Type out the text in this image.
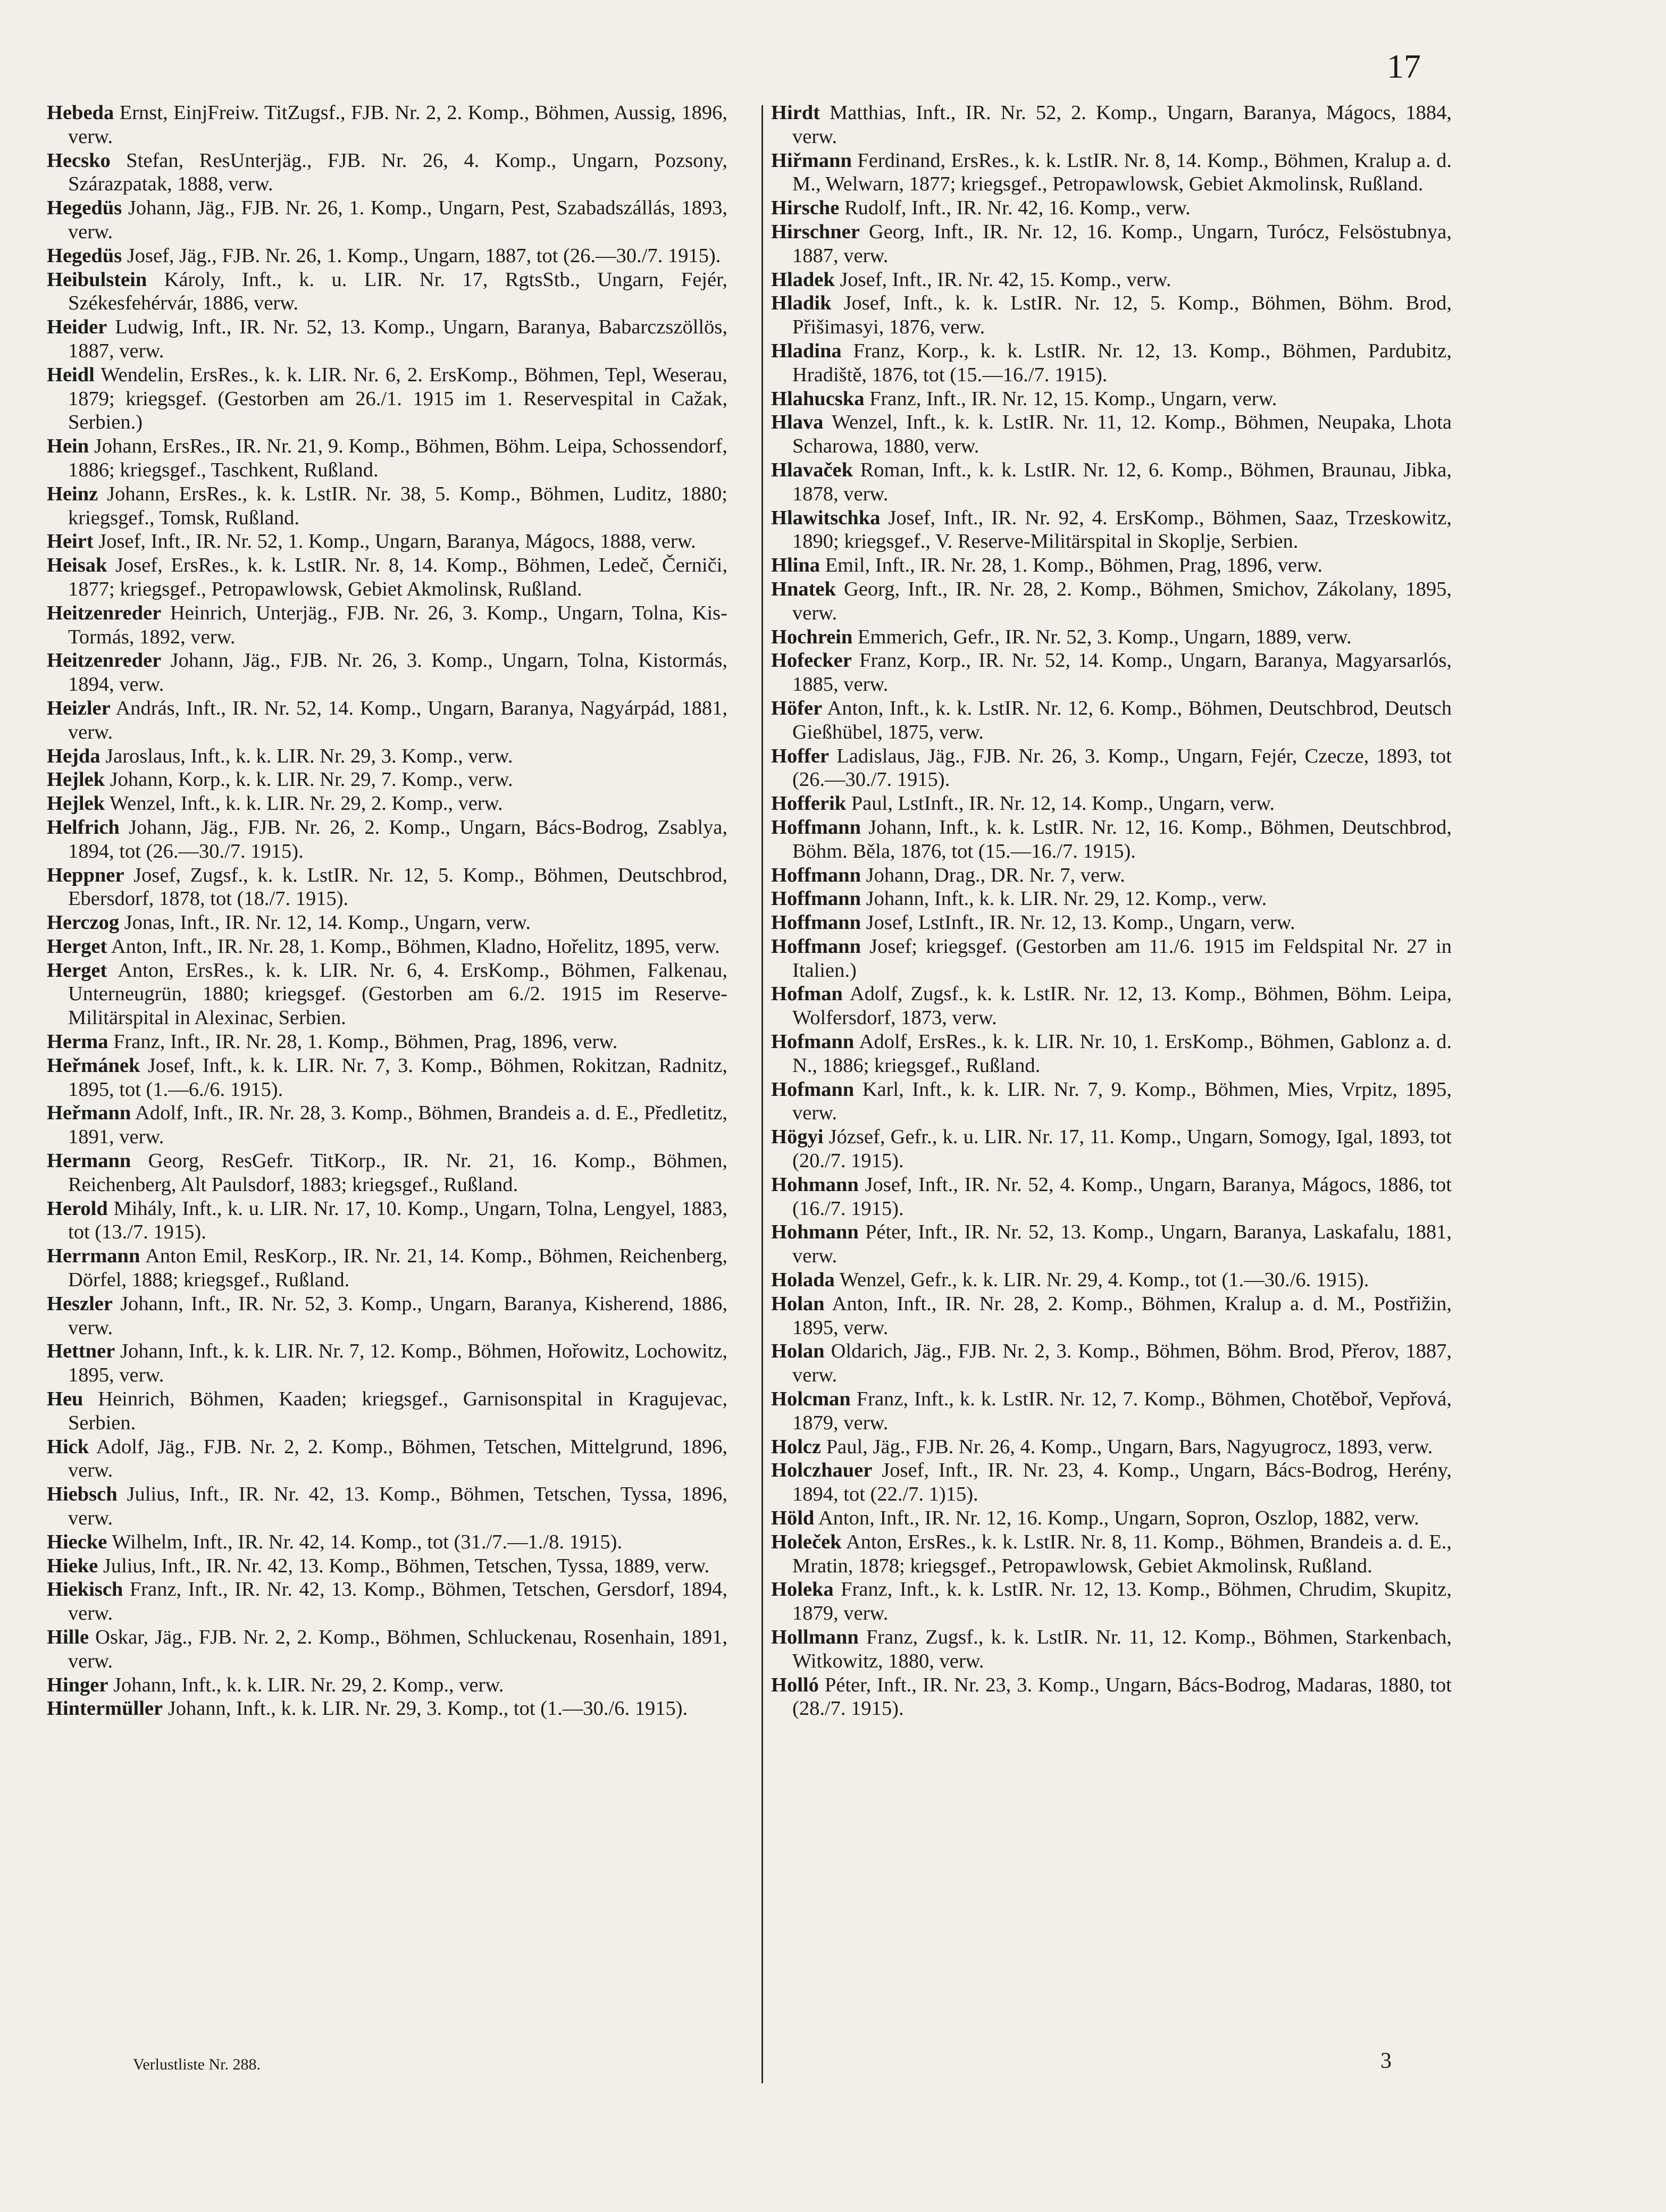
17

Hebeda Ernst, EinjFreiw. TitZugsf., FJB. Nr. 2, 2. Komp., Böhmen, Aussig, 1896, verw.

Hecsko Stefan, ResUnterjäg., FJB. Nr. 26, 4. Komp., Ungarn, Pozsony, Szárazpatak, 1888, verw.

Hegedüs Johann, Jäg., FJB. Nr. 26, 1. Komp., Ungarn, Pest, Szabadszállás, 1893, verw.

Hegedüs Josef, Jäg., FJB. Nr. 26, 1. Komp., Ungarn, 1887, tot (26.—30./7. 1915).

Heibulstein Károly, Inft., k. u. LIR. Nr. 17, RgtsStb., Ungarn, Fejér, Székesfehérvár, 1886, verw.

Heider Ludwig, Inft., IR. Nr. 52, 13. Komp., Ungarn, Baranya, Babarczszöllös, 1887, verw.

Heidl Wendelin, ErsRes., k. k. LIR. Nr. 6, 2. ErsKomp., Böhmen, Tepl, Weserau, 1879; kriegsgef. (Gestorben am 26./1. 1915 im 1. Reservespital in Cažak, Serbien.)

Hein Johann, ErsRes., IR. Nr. 21, 9. Komp., Böhmen, Böhm. Leipa, Schossendorf, 1886; kriegsgef., Taschkent, Rußland.

Heinz Johann, ErsRes., k. k. LstIR. Nr. 38, 5. Komp., Böhmen, Luditz, 1880; kriegsgef., Tomsk, Rußland.

Heirt Josef, Inft., IR. Nr. 52, 1. Komp., Ungarn, Baranya, Mágocs, 1888, verw.

Heisak Josef, ErsRes., k. k. LstIR. Nr. 8, 14. Komp., Böhmen, Ledeč, Černiči, 1877; kriegsgef., Petropawlowsk, Gebiet Akmolinsk, Rußland.

Heitzenreder Heinrich, Unterjäg., FJB. Nr. 26, 3. Komp., Ungarn, Tolna, Kis-Tormás, 1892, verw.

Heitzenreder Johann, Jäg., FJB. Nr. 26, 3. Komp., Ungarn, Tolna, Kistormás, 1894, verw.

Heizler András, Inft., IR. Nr. 52, 14. Komp., Ungarn, Baranya, Nagyárpád, 1881, verw.

Hejda Jaroslaus, Inft., k. k. LIR. Nr. 29, 3. Komp., verw.

Hejlek Johann, Korp., k. k. LIR. Nr. 29, 7. Komp., verw.

Hejlek Wenzel, Inft., k. k. LIR. Nr. 29, 2. Komp., verw.

Helfrich Johann, Jäg., FJB. Nr. 26, 2. Komp., Ungarn, Bács-Bodrog, Zsablya, 1894, tot (26.—30./7. 1915).

Heppner Josef, Zugsf., k. k. LstIR. Nr. 12, 5. Komp., Böhmen, Deutschbrod, Ebersdorf, 1878, tot (18./7. 1915).

Herczog Jonas, Inft., IR. Nr. 12, 14. Komp., Ungarn, verw.

Herget Anton, Inft., IR. Nr. 28, 1. Komp., Böhmen, Kladno, Hořelitz, 1895, verw.

Herget Anton, ErsRes., k. k. LIR. Nr. 6, 4. ErsKomp., Böhmen, Falkenau, Unterneugrün, 1880; kriegsgef. (Gestorben am 6./2. 1915 im Reserve-Militärspital in Alexinac, Serbien.

Herma Franz, Inft., IR. Nr. 28, 1. Komp., Böhmen, Prag, 1896, verw.

Heřmánek Josef, Inft., k. k. LIR. Nr. 7, 3. Komp., Böhmen, Rokitzan, Radnitz, 1895, tot (1.—6./6. 1915).

Heřmann Adolf, Inft., IR. Nr. 28, 3. Komp., Böhmen, Brandeis a. d. E., Předletitz, 1891, verw.

Hermann Georg, ResGefr. TitKorp., IR. Nr. 21, 16. Komp., Böhmen, Reichenberg, Alt Paulsdorf, 1883; kriegsgef., Rußland.

Herold Mihály, Inft., k. u. LIR. Nr. 17, 10. Komp., Ungarn, Tolna, Lengyel, 1883, tot (13./7. 1915).

Herrmann Anton Emil, ResKorp., IR. Nr. 21, 14. Komp., Böhmen, Reichenberg, Dörfel, 1888; kriegsgef., Rußland.

Heszler Johann, Inft., IR. Nr. 52, 3. Komp., Ungarn, Baranya, Kisherend, 1886, verw.

Hettner Johann, Inft., k. k. LIR. Nr. 7, 12. Komp., Böhmen, Hořowitz, Lochowitz, 1895, verw.

Heu Heinrich, Böhmen, Kaaden; kriegsgef., Garnisonspital in Kragujevac, Serbien.

Hick Adolf, Jäg., FJB. Nr. 2, 2. Komp., Böhmen, Tetschen, Mittelgrund, 1896, verw.

Hiebsch Julius, Inft., IR. Nr. 42, 13. Komp., Böhmen, Tetschen, Tyssa, 1896, verw.

Hiecke Wilhelm, Inft., IR. Nr. 42, 14. Komp., tot (31./7.—1./8. 1915).

Hieke Julius, Inft., IR. Nr. 42, 13. Komp., Böhmen, Tetschen, Tyssa, 1889, verw.

Hiekisch Franz, Inft., IR. Nr. 42, 13. Komp., Böhmen, Tetschen, Gersdorf, 1894, verw.

Hille Oskar, Jäg., FJB. Nr. 2, 2. Komp., Böhmen, Schluckenau, Rosenhain, 1891, verw.

Hinger Johann, Inft., k. k. LIR. Nr. 29, 2. Komp., verw.

Hintermüller Johann, Inft., k. k. LIR. Nr. 29, 3. Komp., tot (1.—30./6. 1915).

Hirdt Matthias, Inft., IR. Nr. 52, 2. Komp., Ungarn, Baranya, Mágocs, 1884, verw.

Hiřmann Ferdinand, ErsRes., k. k. LstIR. Nr. 8, 14. Komp., Böhmen, Kralup a. d. M., Welwarn, 1877; kriegsgef., Petropawlowsk, Gebiet Akmolinsk, Rußland.

Hirsche Rudolf, Inft., IR. Nr. 42, 16. Komp., verw.

Hirschner Georg, Inft., IR. Nr. 12, 16. Komp., Ungarn, Turócz, Felsöstubnya, 1887, verw.

Hladek Josef, Inft., IR. Nr. 42, 15. Komp., verw.

Hladik Josef, Inft., k. k. LstIR. Nr. 12, 5. Komp., Böhmen, Böhm. Brod, Přišimasyi, 1876, verw.

Hladina Franz, Korp., k. k. LstIR. Nr. 12, 13. Komp., Böhmen, Pardubitz, Hradiště, 1876, tot (15.—16./7. 1915).

Hlahucska Franz, Inft., IR. Nr. 12, 15. Komp., Ungarn, verw.

Hlava Wenzel, Inft., k. k. LstIR. Nr. 11, 12. Komp., Böhmen, Neupaka, Lhota Scharowa, 1880, verw.

Hlavaček Roman, Inft., k. k. LstIR. Nr. 12, 6. Komp., Böhmen, Braunau, Jibka, 1878, verw.

Hlawitschka Josef, Inft., IR. Nr. 92, 4. ErsKomp., Böhmen, Saaz, Trzeskowitz, 1890; kriegsgef., V. Reserve-Militärspital in Skoplje, Serbien.

Hlina Emil, Inft., IR. Nr. 28, 1. Komp., Böhmen, Prag, 1896, verw.

Hnatek Georg, Inft., IR. Nr. 28, 2. Komp., Böhmen, Smichov, Zákolany, 1895, verw.

Hochrein Emmerich, Gefr., IR. Nr. 52, 3. Komp., Ungarn, 1889, verw.

Hofecker Franz, Korp., IR. Nr. 52, 14. Komp., Ungarn, Baranya, Magyarsarlós, 1885, verw.

Höfer Anton, Inft., k. k. LstIR. Nr. 12, 6. Komp., Böhmen, Deutschbrod, Deutsch Gießhübel, 1875, verw.

Hoffer Ladislaus, Jäg., FJB. Nr. 26, 3. Komp., Ungarn, Fejér, Czecze, 1893, tot (26.—30./7. 1915).

Hofferik Paul, LstInft., IR. Nr. 12, 14. Komp., Ungarn, verw.

Hoffmann Johann, Inft., k. k. LstIR. Nr. 12, 16. Komp., Böhmen, Deutschbrod, Böhm. Běla, 1876, tot (15.—16./7. 1915).

Hoffmann Johann, Drag., DR. Nr. 7, verw.

Hoffmann Johann, Inft., k. k. LIR. Nr. 29, 12. Komp., verw.

Hoffmann Josef, LstInft., IR. Nr. 12, 13. Komp., Ungarn, verw.

Hoffmann Josef; kriegsgef. (Gestorben am 11./6. 1915 im Feldspital Nr. 27 in Italien.)

Hofman Adolf, Zugsf., k. k. LstIR. Nr. 12, 13. Komp., Böhmen, Böhm. Leipa, Wolfersdorf, 1873, verw.

Hofmann Adolf, ErsRes., k. k. LIR. Nr. 10, 1. ErsKomp., Böhmen, Gablonz a. d. N., 1886; kriegsgef., Rußland.

Hofmann Karl, Inft., k. k. LIR. Nr. 7, 9. Komp., Böhmen, Mies, Vrpitz, 1895, verw.

Högyi József, Gefr., k. u. LIR. Nr. 17, 11. Komp., Ungarn, Somogy, Igal, 1893, tot (20./7. 1915).

Hohmann Josef, Inft., IR. Nr. 52, 4. Komp., Ungarn, Baranya, Mágocs, 1886, tot (16./7. 1915).

Hohmann Péter, Inft., IR. Nr. 52, 13. Komp., Ungarn, Baranya, Laskafalu, 1881, verw.

Holada Wenzel, Gefr., k. k. LIR. Nr. 29, 4. Komp., tot (1.—30./6. 1915).

Holan Anton, Inft., IR. Nr. 28, 2. Komp., Böhmen, Kralup a. d. M., Postřižin, 1895, verw.

Holan Oldarich, Jäg., FJB. Nr. 2, 3. Komp., Böhmen, Böhm. Brod, Přerov, 1887, verw.

Holcman Franz, Inft., k. k. LstIR. Nr. 12, 7. Komp., Böhmen, Chotěboř, Vepřová, 1879, verw.

Holcz Paul, Jäg., FJB. Nr. 26, 4. Komp., Ungarn, Bars, Nagyugrocz, 1893, verw.

Holczhauer Josef, Inft., IR. Nr. 23, 4. Komp., Ungarn, Bács-Bodrog, Herény, 1894, tot (22./7. 1)15).

Höld Anton, Inft., IR. Nr. 12, 16. Komp., Ungarn, Sopron, Oszlop, 1882, verw.

Holeček Anton, ErsRes., k. k. LstIR. Nr. 8, 11. Komp., Böhmen, Brandeis a. d. E., Mratin, 1878; kriegsgef., Petropawlowsk, Gebiet Akmolinsk, Rußland.

Holeka Franz, Inft., k. k. LstIR. Nr. 12, 13. Komp., Böhmen, Chrudim, Skupitz, 1879, verw.

Hollmann Franz, Zugsf., k. k. LstIR. Nr. 11, 12. Komp., Böhmen, Starkenbach, Witkowitz, 1880, verw.

Holló Péter, Inft., IR. Nr. 23, 3. Komp., Ungarn, Bács-Bodrog, Madaras, 1880, tot (28./7. 1915).

Verlustliste Nr. 288.	3
